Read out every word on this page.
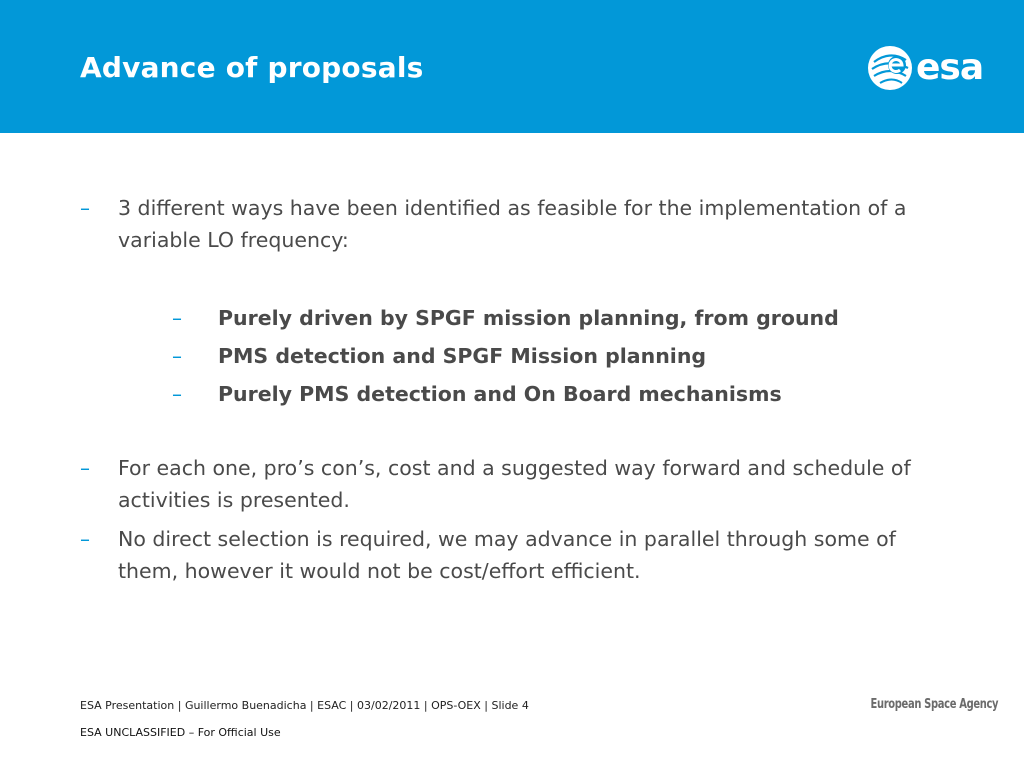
Advance of proposals	esa
– 3 different ways have been identified as feasible for the implementation of a variable LO frequency:
– Purely driven by SPGF mission planning, from ground
– PMS detection and SPGF Mission planning
– Purely PMS detection and On Board mechanisms
– For each one, pro’s con’s, cost and a suggested way forward and schedule of activities is presented.
– No direct selection is required, we may advance in parallel through some of them, however it would not be cost/effort efficient.
ESA Presentation | Guillermo Buenadicha | ESAC | 03/02/2011 | OPS-OEX | Slide 4
ESA UNCLASSIFIED – For Official Use
European Space Agency
